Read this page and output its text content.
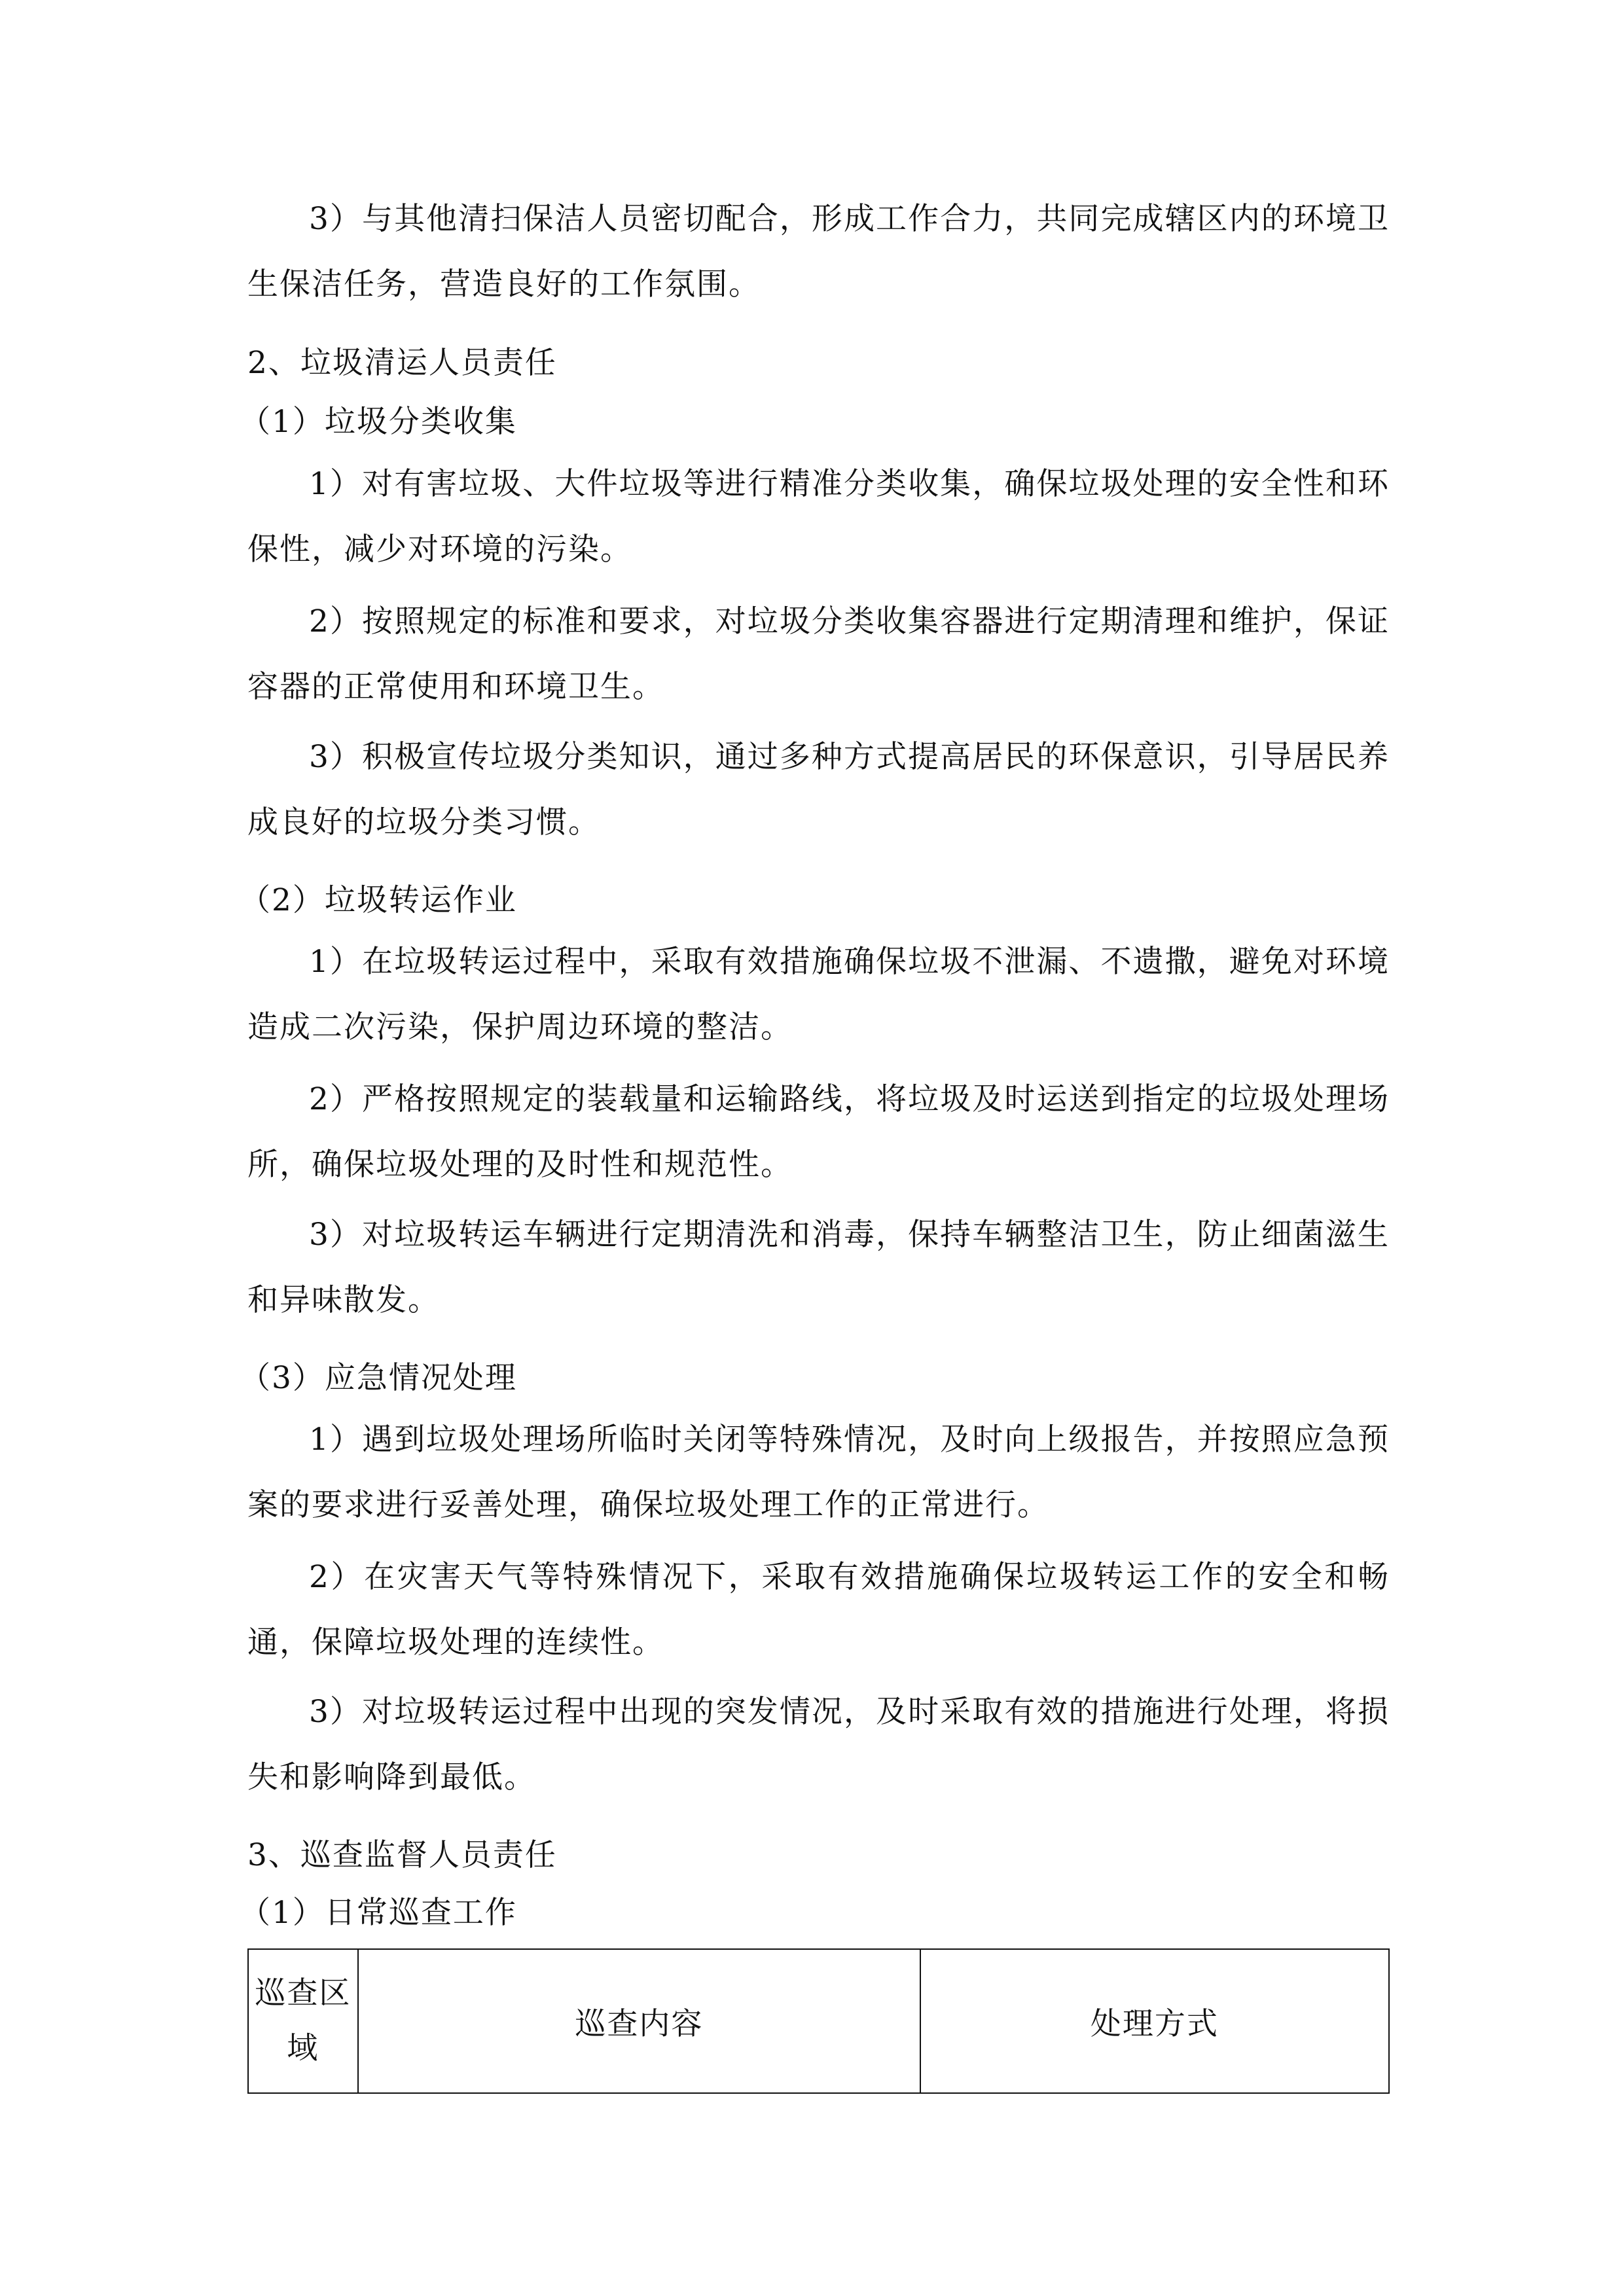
3）与其他清扫保洁人员密切配合，形成工作合力，共同完成辖区内的环境卫生保洁任务，营造良好的工作氛围。

2、垃圾清运人员责任

（1）垃圾分类收集

1）对有害垃圾、大件垃圾等进行精准分类收集，确保垃圾处理的安全性和环保性，减少对环境的污染。

2）按照规定的标准和要求，对垃圾分类收集容器进行定期清理和维护，保证容器的正常使用和环境卫生。

3）积极宣传垃圾分类知识，通过多种方式提高居民的环保意识，引导居民养成良好的垃圾分类习惯。

（2）垃圾转运作业

1）在垃圾转运过程中，采取有效措施确保垃圾不泄漏、不遗撒，避免对环境造成二次污染，保护周边环境的整洁。

2）严格按照规定的装载量和运输路线，将垃圾及时运送到指定的垃圾处理场所，确保垃圾处理的及时性和规范性。

3）对垃圾转运车辆进行定期清洗和消毒，保持车辆整洁卫生，防止细菌滋生和异味散发。

（3）应急情况处理

1）遇到垃圾处理场所临时关闭等特殊情况，及时向上级报告，并按照应急预案的要求进行妥善处理，确保垃圾处理工作的正常进行。

2）在灾害天气等特殊情况下，采取有效措施确保垃圾转运工作的安全和畅通，保障垃圾处理的连续性。

3）对垃圾转运过程中出现的突发情况，及时采取有效的措施进行处理，将损失和影响降到最低。

3、巡查监督人员责任

（1）日常巡查工作

巡查区域	巡查内容	处理方式
